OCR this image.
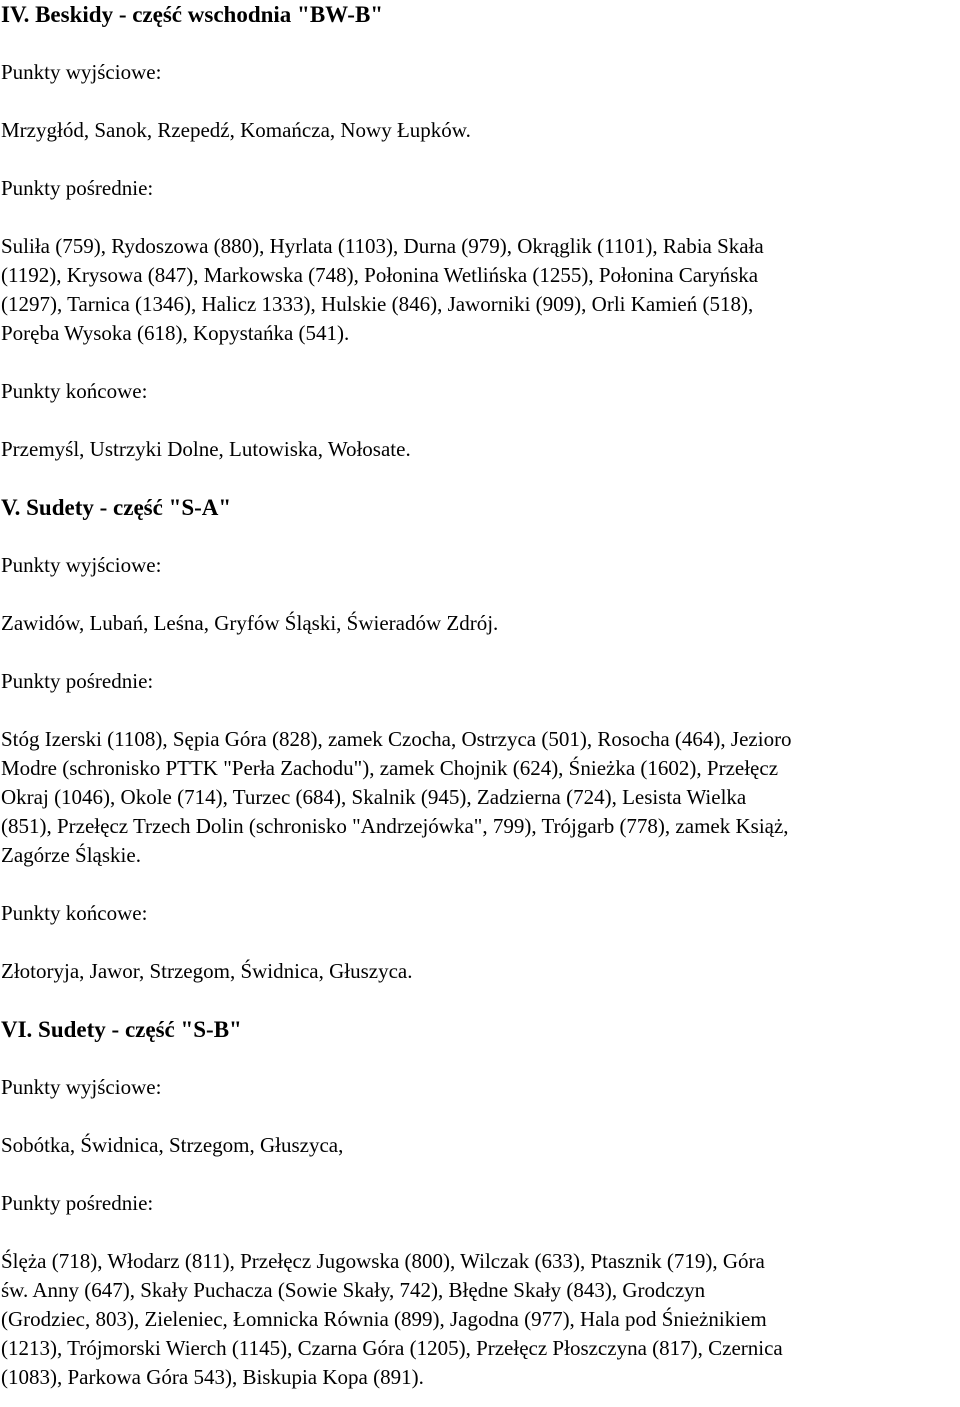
IV. Beskidy - część wschodnia "BW-B"

Punkty wyjściowe:

Mrzygłód, Sanok, Rzepedź, Komańcza, Nowy Łupków.

Punkty pośrednie:

Suliła (759), Rydoszowa (880), Hyrlata (1103), Durna (979), Okrąglik (1101), Rabia Skała
(1192), Krysowa (847), Markowska (748), Połonina Wetlińska (1255), Połonina Caryńska
(1297), Tarnica (1346), Halicz 1333), Hulskie (846), Jaworniki (909), Orli Kamień (518),
Poręba Wysoka (618), Kopystańka (541).

Punkty końcowe:

Przemyśl, Ustrzyki Dolne, Lutowiska, Wołosate.

V. Sudety - część "S-A"

Punkty wyjściowe:

Zawidów, Lubań, Leśna, Gryfów Śląski, Świeradów Zdrój.

Punkty pośrednie:

Stóg Izerski (1108), Sępia Góra (828), zamek Czocha, Ostrzyca (501), Rosocha (464), Jezioro
Modre (schronisko PTTK "Perła Zachodu"), zamek Chojnik (624), Śnieżka (1602), Przełęcz
Okraj (1046), Okole (714), Turzec (684), Skalnik (945), Zadzierna (724), Lesista Wielka
(851), Przełęcz Trzech Dolin (schronisko "Andrzejówka", 799), Trójgarb (778), zamek Książ,
Zagórze Śląskie.

Punkty końcowe:

Złotoryja, Jawor, Strzegom, Świdnica, Głuszyca.

VI. Sudety - część "S-B"

Punkty wyjściowe:

Sobótka, Świdnica, Strzegom, Głuszyca,

Punkty pośrednie:

Ślęża (718), Włodarz (811), Przełęcz Jugowska (800), Wilczak (633), Ptasznik (719), Góra
św. Anny (647), Skały Puchacza (Sowie Skały, 742), Błędne Skały (843), Grodczyn
(Grodziec, 803), Zieleniec, Łomnicka Równia (899), Jagodna (977), Hala pod Śnieżnikiem
(1213), Trójmorski Wierch (1145), Czarna Góra (1205), Przełęcz Płoszczyna (817), Czernica
(1083), Parkowa Góra 543), Biskupia Kopa (891).
